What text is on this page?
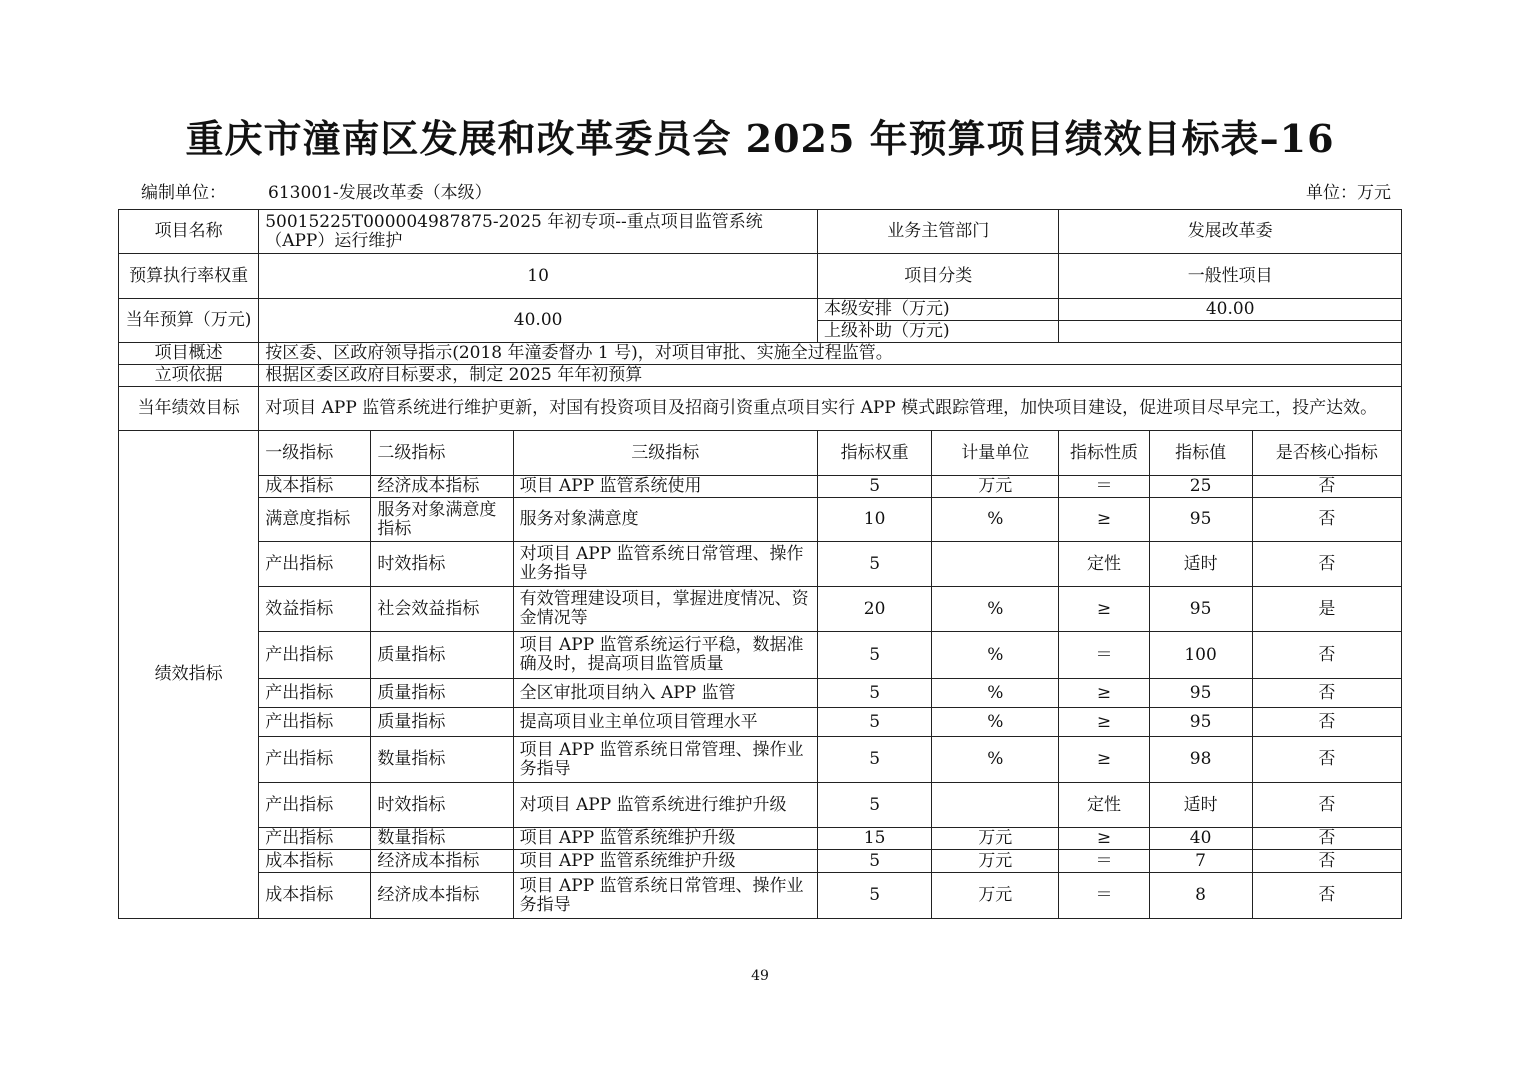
重庆市潼南区发展和改革委员会 2025 年预算项目绩效目标表–16
编制单位： 613001-发展改革委（本级）	单位：万元
项目名称	50015225T000004987875-2025 年初专项--重点项目监管系统（APP）运行维护			业务主管部门		发展改革委		
预算执行率权重	10			项目分类		一般性项目		
当年预算（万元)	40.00			本级安排（万元)		40.00		
				上级补助（万元)				
项目概述	按区委、区政府领导指示(2018 年潼委督办 1 号)，对项目审批、实施全过程监管。							
立项依据	根据区委区政府目标要求，制定 2025 年年初预算							
当年绩效目标	对项目 APP 监管系统进行维护更新，对国有投资项目及招商引资重点项目实行 APP 模式跟踪管理，加快项目建设，促进项目尽早完工，投产达效。							
绩效指标	一级指标	二级指标	三级指标	指标权重	计量单位	指标性质	指标值	是否核心指标
	成本指标	经济成本指标	项目 APP 监管系统使用	5	万元	＝	25	否
	满意度指标	服务对象满意度指标	服务对象满意度	10	%	≥	95	否
	产出指标	时效指标	对项目 APP 监管系统日常管理、操作业务指导	5		定性	适时	否
	效益指标	社会效益指标	有效管理建设项目，掌握进度情况、资金情况等	20	%	≥	95	是
	产出指标	质量指标	项目 APP 监管系统运行平稳，数据准确及时，提高项目监管质量	5	%	＝	100	否
	产出指标	质量指标	全区审批项目纳入 APP 监管	5	%	≥	95	否
	产出指标	质量指标	提高项目业主单位项目管理水平	5	%	≥	95	否
	产出指标	数量指标	项目 APP 监管系统日常管理、操作业务指导	5	%	≥	98	否
	产出指标	时效指标	对项目 APP 监管系统进行维护升级	5		定性	适时	否
	产出指标	数量指标	项目 APP 监管系统维护升级	15	万元	≥	40	否
	成本指标	经济成本指标	项目 APP 监管系统维护升级	5	万元	＝	7	否
	成本指标	经济成本指标	项目 APP 监管系统日常管理、操作业务指导	5	万元	＝	8	否
49
